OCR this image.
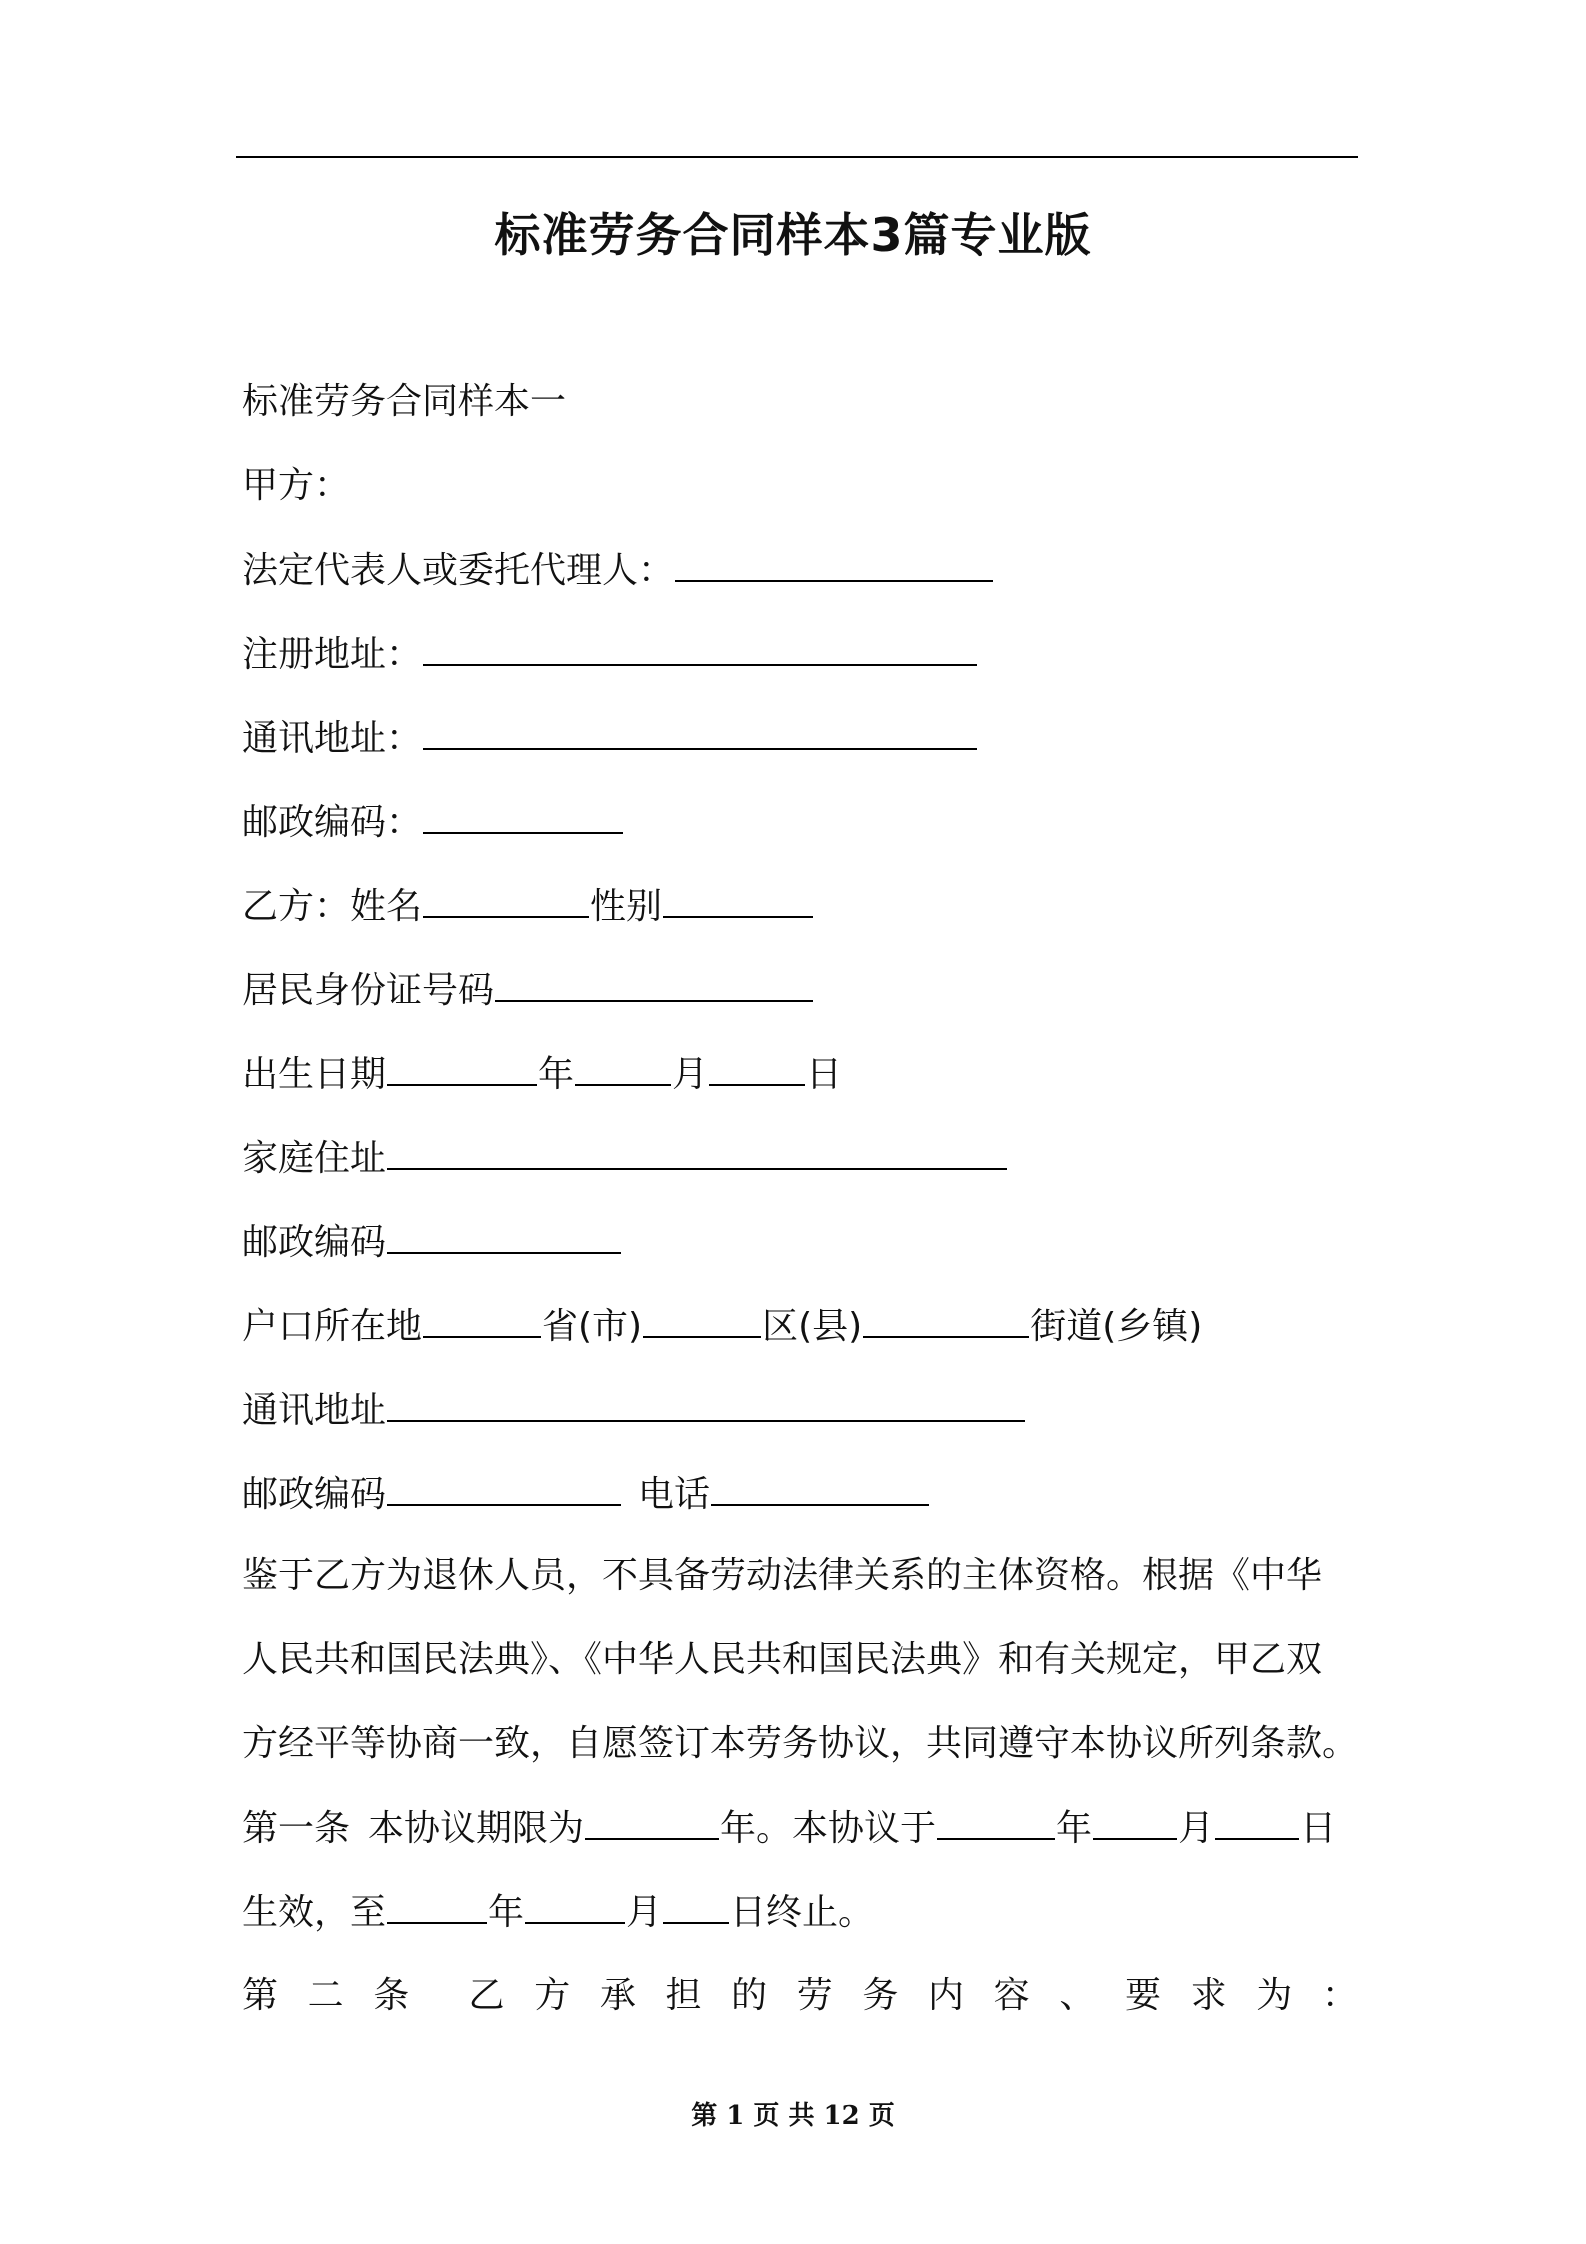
标准劳务合同样本3篇专业版
标准劳务合同样本一
甲方：
法定代表人或委托代理人：
注册地址：
通讯地址：
邮政编码：
乙方：姓名	性别
居民身份证号码
出生日期	年	月	日
家庭住址
邮政编码
户口所在地	省(市)	区(县)	街道(乡镇)
通讯地址
邮政编码	电话
鉴于乙方为退休人员，不具备劳动法律关系的主体资格。根据《中华
人民共和国民法典》、《中华人民共和国民法典》和有关规定，甲乙双
方经平等协商一致，自愿签订本劳务协议，共同遵守本协议所列条款。
第一条 本协议期限为	年。本协议于	年 月 日
生效，至	年	月 日终止。
第 二 条 乙 方 承 担 的 劳 务 内 容 、 要 求 为 ：
第 1 页 共 12 页
